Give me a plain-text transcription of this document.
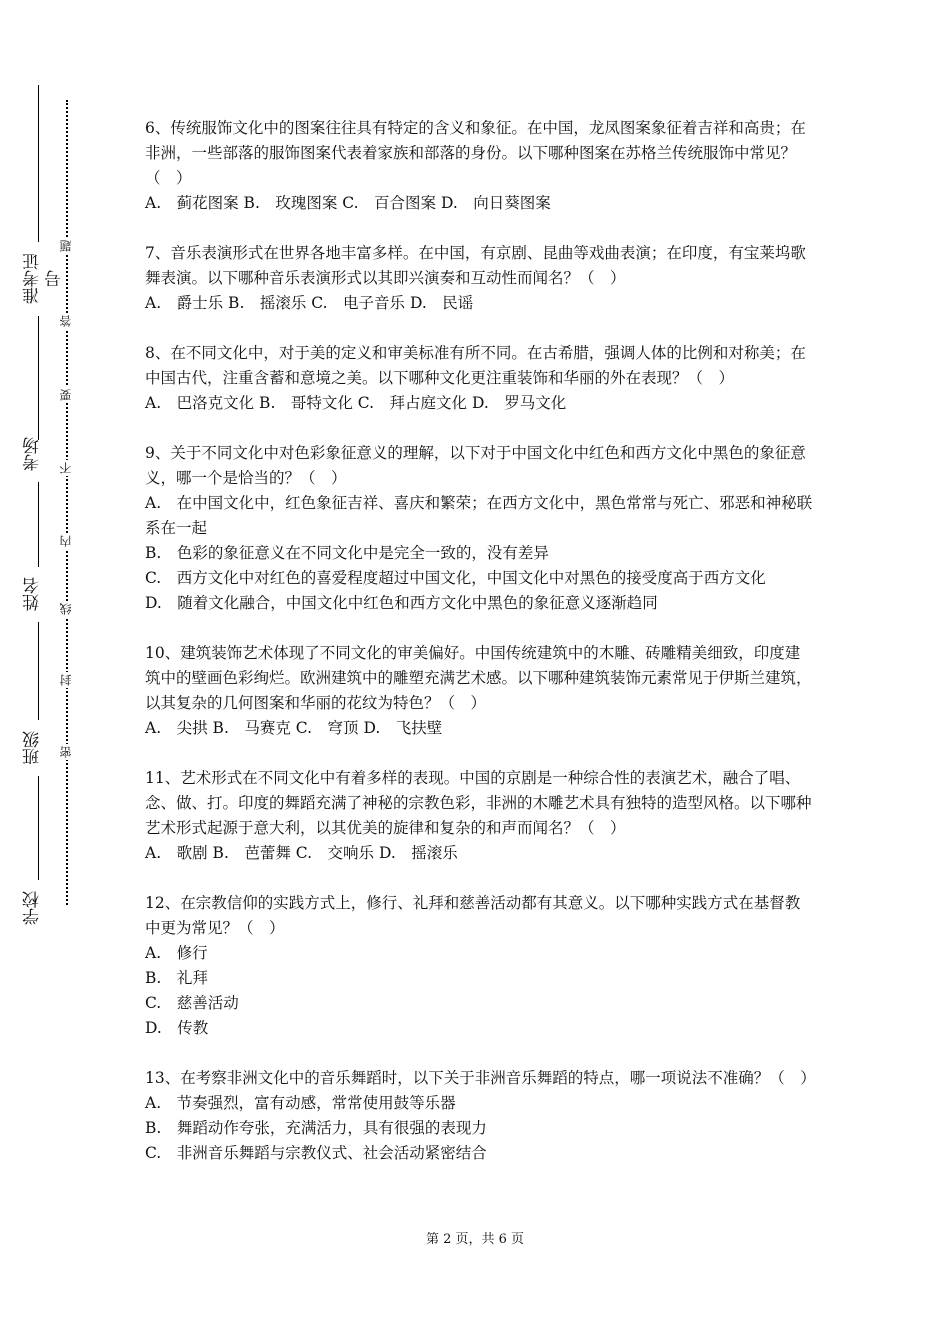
准考证号
考场
姓名
班级
学校
题
答
要
不
内
线
封
密

6、传统服饰文化中的图案往往具有特定的含义和象征。在中国，龙凤图案象征着吉祥和高贵；在非洲，一些部落的服饰图案代表着家族和部落的身份。以下哪种图案在苏格兰传统服饰中常见？（　）

A.　蓟花图案 B.　玫瑰图案 C.　百合图案 D.　向日葵图案

7、音乐表演形式在世界各地丰富多样。在中国，有京剧、昆曲等戏曲表演；在印度，有宝莱坞歌舞表演。以下哪种音乐表演形式以其即兴演奏和互动性而闻名？（　）

A.　爵士乐 B.　摇滚乐 C.　电子音乐 D.　民谣

8、在不同文化中，对于美的定义和审美标准有所不同。在古希腊，强调人体的比例和对称美；在中国古代，注重含蓄和意境之美。以下哪种文化更注重装饰和华丽的外在表现？（　）

A.　巴洛克文化 B.　哥特文化 C.　拜占庭文化 D.　罗马文化

9、关于不同文化中对色彩象征意义的理解，以下对于中国文化中红色和西方文化中黑色的象征意义，哪一个是恰当的？（　）

A.　在中国文化中，红色象征吉祥、喜庆和繁荣；在西方文化中，黑色常常与死亡、邪恶和神秘联系在一起
B.　色彩的象征意义在不同文化中是完全一致的，没有差异
C.　西方文化中对红色的喜爱程度超过中国文化，中国文化中对黑色的接受度高于西方文化
D.　随着文化融合，中国文化中红色和西方文化中黑色的象征意义逐渐趋同

10、建筑装饰艺术体现了不同文化的审美偏好。中国传统建筑中的木雕、砖雕精美细致，印度建筑中的壁画色彩绚烂。欧洲建筑中的雕塑充满艺术感。以下哪种建筑装饰元素常见于伊斯兰建筑，以其复杂的几何图案和华丽的花纹为特色？（　）

A.　尖拱 B.　马赛克 C.　穹顶 D.　飞扶壁

11、艺术形式在不同文化中有着多样的表现。中国的京剧是一种综合性的表演艺术，融合了唱、念、做、打。印度的舞蹈充满了神秘的宗教色彩，非洲的木雕艺术具有独特的造型风格。以下哪种艺术形式起源于意大利，以其优美的旋律和复杂的和声而闻名？（　）

A.　歌剧 B.　芭蕾舞 C.　交响乐 D.　摇滚乐

12、在宗教信仰的实践方式上，修行、礼拜和慈善活动都有其意义。以下哪种实践方式在基督教中更为常见？（　）

A.　修行
B.　礼拜
C.　慈善活动
D.　传教

13、在考察非洲文化中的音乐舞蹈时，以下关于非洲音乐舞蹈的特点，哪一项说法不准确？（　）

A.　节奏强烈，富有动感，常常使用鼓等乐器
B.　舞蹈动作夸张，充满活力，具有很强的表现力
C.　非洲音乐舞蹈与宗教仪式、社会活动紧密结合
第 2 页，共 6 页
